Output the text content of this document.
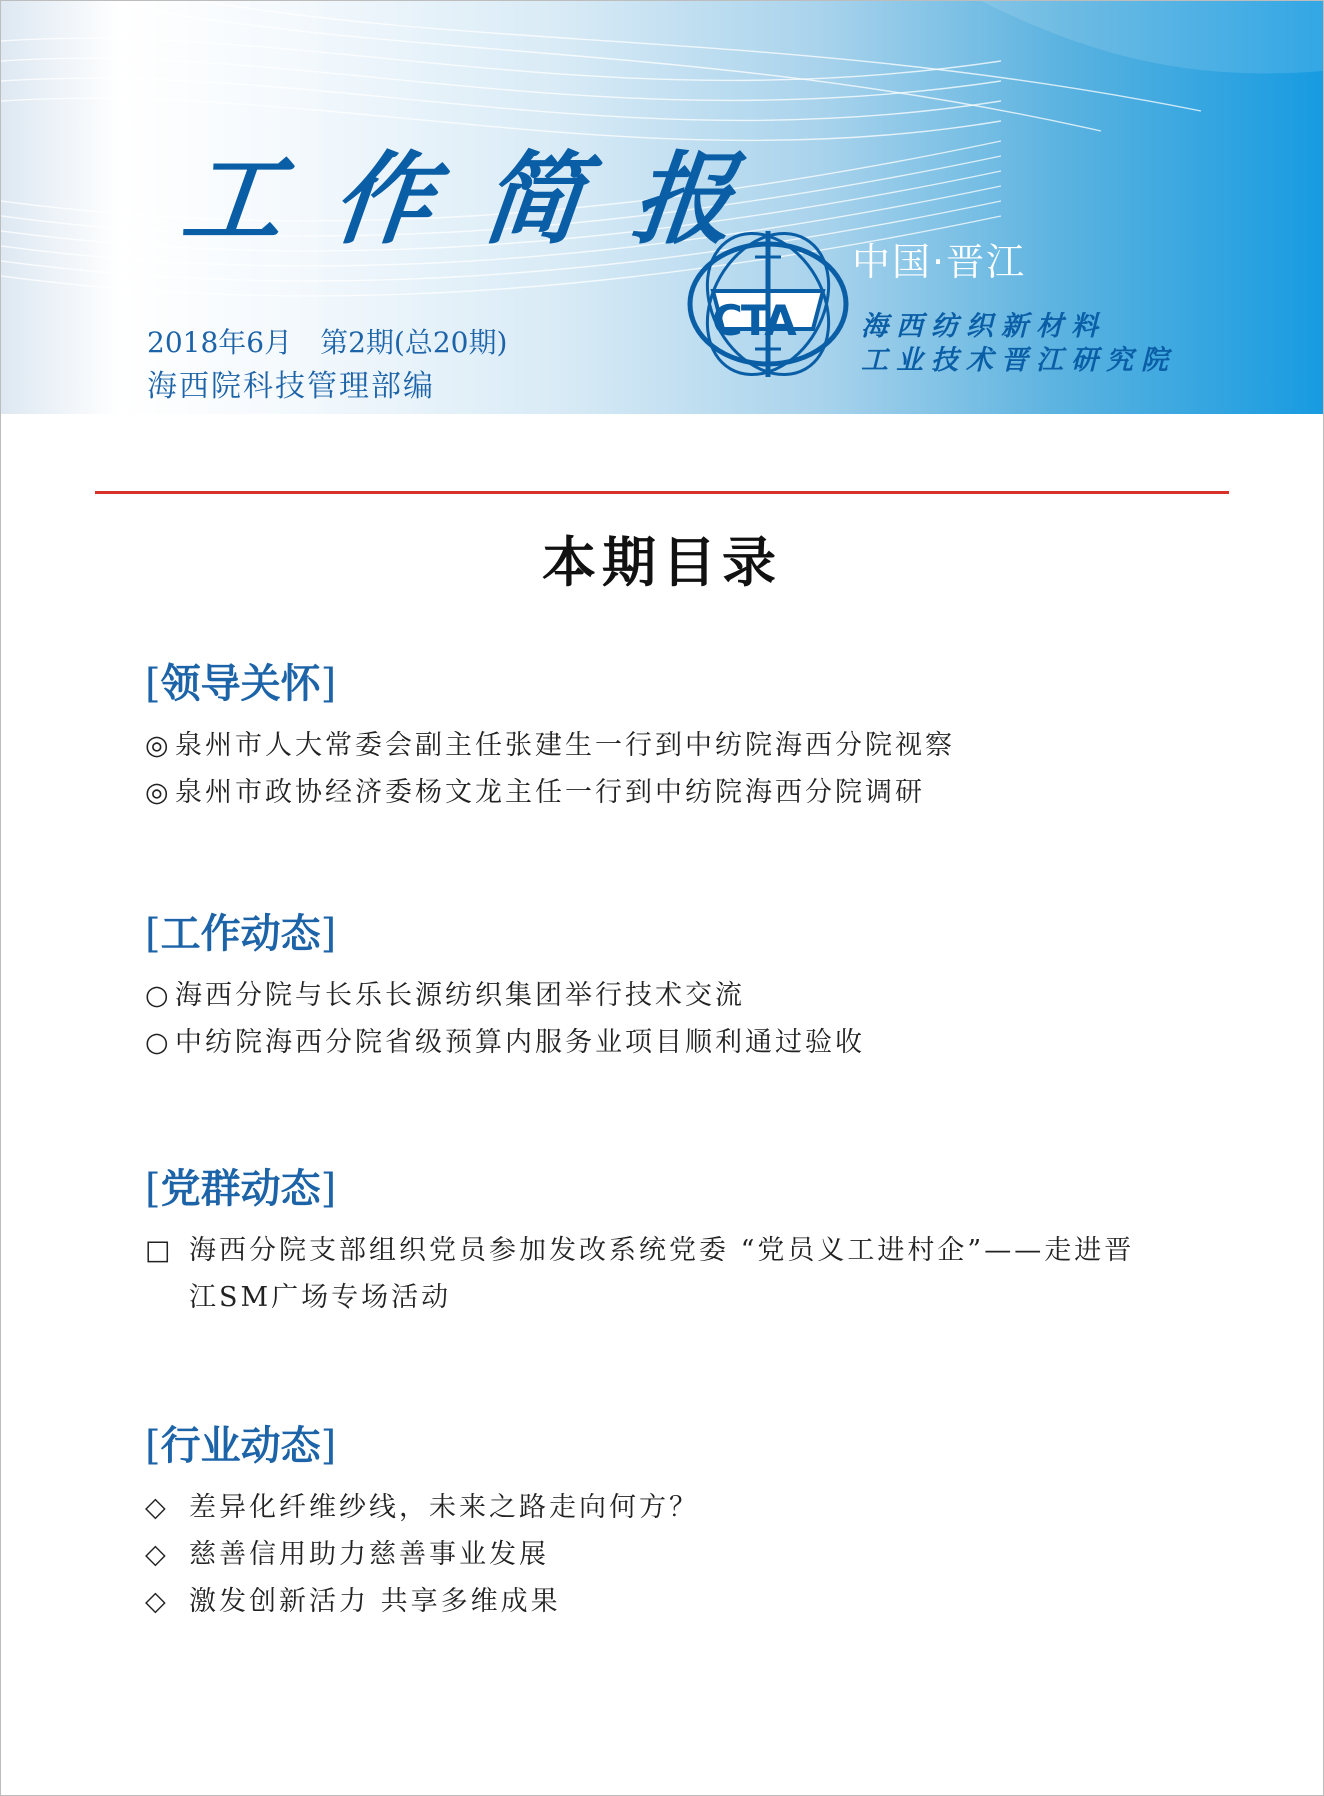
工作简报
CTA
中国·晋江
海西纺织新材料
工业技术晋江研究院
2018年6月 第2期(总20期)
海西院科技管理部编
本期目录
[领导关怀]
◎ 泉州市人大常委会副主任张建生一行到中纺院海西分院视察
◎ 泉州市政协经济委杨文龙主任一行到中纺院海西分院调研
[工作动态]
○ 海西分院与长乐长源纺织集团举行技术交流
○ 中纺院海西分院省级预算内服务业项目顺利通过验收
[党群动态]
□ 海西分院支部组织党员参加发改系统党委 “党员义工进村企”——走进晋江SM广场专场活动
[行业动态]
◇ 差异化纤维纱线，未来之路走向何方？
◇ 慈善信用助力慈善事业发展
◇ 激发创新活力 共享多维成果
